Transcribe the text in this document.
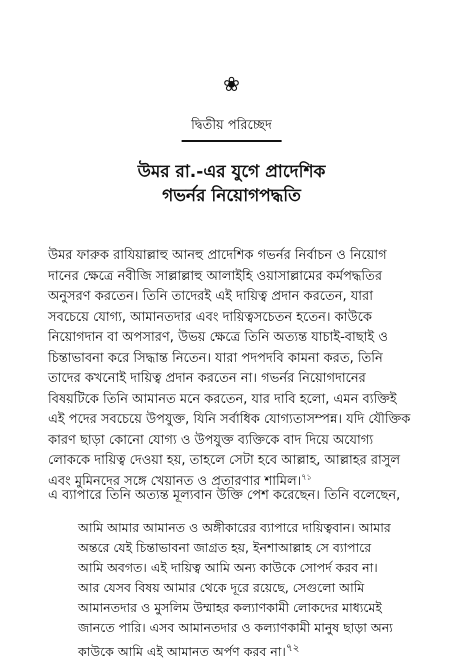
❀
দ্বিতীয় পরিচ্ছেদ
উমর রা.-এর যুগে প্রাদেশিক
গভর্নর নিয়োগপদ্ধতি
উমর ফারুক রাযিয়াল্লাহু আনহু প্রাদেশিক গভর্নর নির্বাচন ও নিয়োগ
দানের ক্ষেত্রে নবীজি সাল্লাল্লাহু আলাইহি ওয়াসাল্লামের কর্মপদ্ধতির
অনুসরণ করতেন। তিনি তাদেরই এই দায়িত্ব প্রদান করতেন, যারা
সবচেয়ে যোগ্য, আমানতদার এবং দায়িত্বসচেতন হতেন। কাউকে
নিয়োগদান বা অপসারণ, উভয় ক্ষেত্রে তিনি অত্যন্ত যাচাই-বাছাই ও
চিন্তাভাবনা করে সিদ্ধান্ত নিতেন। যারা পদপদবি কামনা করত, তিনি
তাদের কখনোই দায়িত্ব প্রদান করতেন না। গভর্নর নিয়োগদানের
বিষয়টিকে তিনি আমানত মনে করতেন, যার দাবি হলো, এমন ব্যক্তিই
এই পদের সবচেয়ে উপযুক্ত, যিনি সর্বাধিক যোগ্যতাসম্পন্ন। যদি যৌক্তিক
কারণ ছাড়া কোনো যোগ্য ও উপযুক্ত ব্যক্তিকে বাদ দিয়ে অযোগ্য
লোককে দায়িত্ব দেওয়া হয়, তাহলে সেটা হবে আল্লাহ, আল্লাহর রাসুল
এবং মুমিনদের সঙ্গে খেয়ানত ও প্রতারণার শামিল।$^{৭১}$
এ ব্যাপারে তিনি অত্যন্ত মূল্যবান উক্তি পেশ করেছেন। তিনি বলেছেন,
আমি আমার আমানত ও অঙ্গীকারের ব্যাপারে দায়িত্ববান। আমার
অন্তরে যেই চিন্তাভাবনা জাগ্রত হয়, ইনশাআল্লাহ সে ব্যাপারে
আমি অবগত। এই দায়িত্ব আমি অন্য কাউকে সোপর্দ করব না।
আর যেসব বিষয় আমার থেকে দূরে রয়েছে, সেগুলো আমি
আমানতদার ও মুসলিম উম্মাহর কল্যাণকামী লোকদের মাধ্যমেই
জানতে পারি। এসব আমানতদার ও কল্যাণকামী মানুষ ছাড়া অন্য
কাউকে আমি এই আমানত অর্পণ করব না।$^{৭২}$
